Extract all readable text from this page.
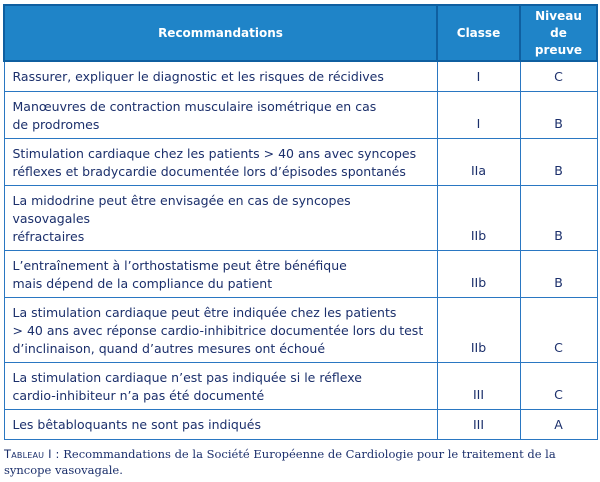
Recommandations	Classe	Niveau
de preuve
Rassurer, expliquer le diagnostic et les risques de récidives	I	C
Manœuvres de contraction musculaire isométrique en cas
de prodromes	I	B
Stimulation cardiaque chez les patients > 40 ans avec syncopes
réflexes et bradycardie documentée lors d’épisodes spontanés	IIa	B
La midodrine peut être envisagée en cas de syncopes vasovagales
réfractaires	IIb	B
L’entraînement à l’orthostatisme peut être bénéfique
mais dépend de la compliance du patient	IIb	B
La stimulation cardiaque peut être indiquée chez les patients
> 40 ans avec réponse cardio-inhibitrice documentée lors du test
d’inclinaison, quand d’autres mesures ont échoué	IIb	C
La stimulation cardiaque n’est pas indiquée si le réflexe
cardio-inhibiteur n’a pas été documenté	III	C
Les bêtabloquants ne sont pas indiqués	III	A
Tableau I : Recommandations de la Société Européenne de Cardiologie pour le traitement de la syncope vasovagale.
